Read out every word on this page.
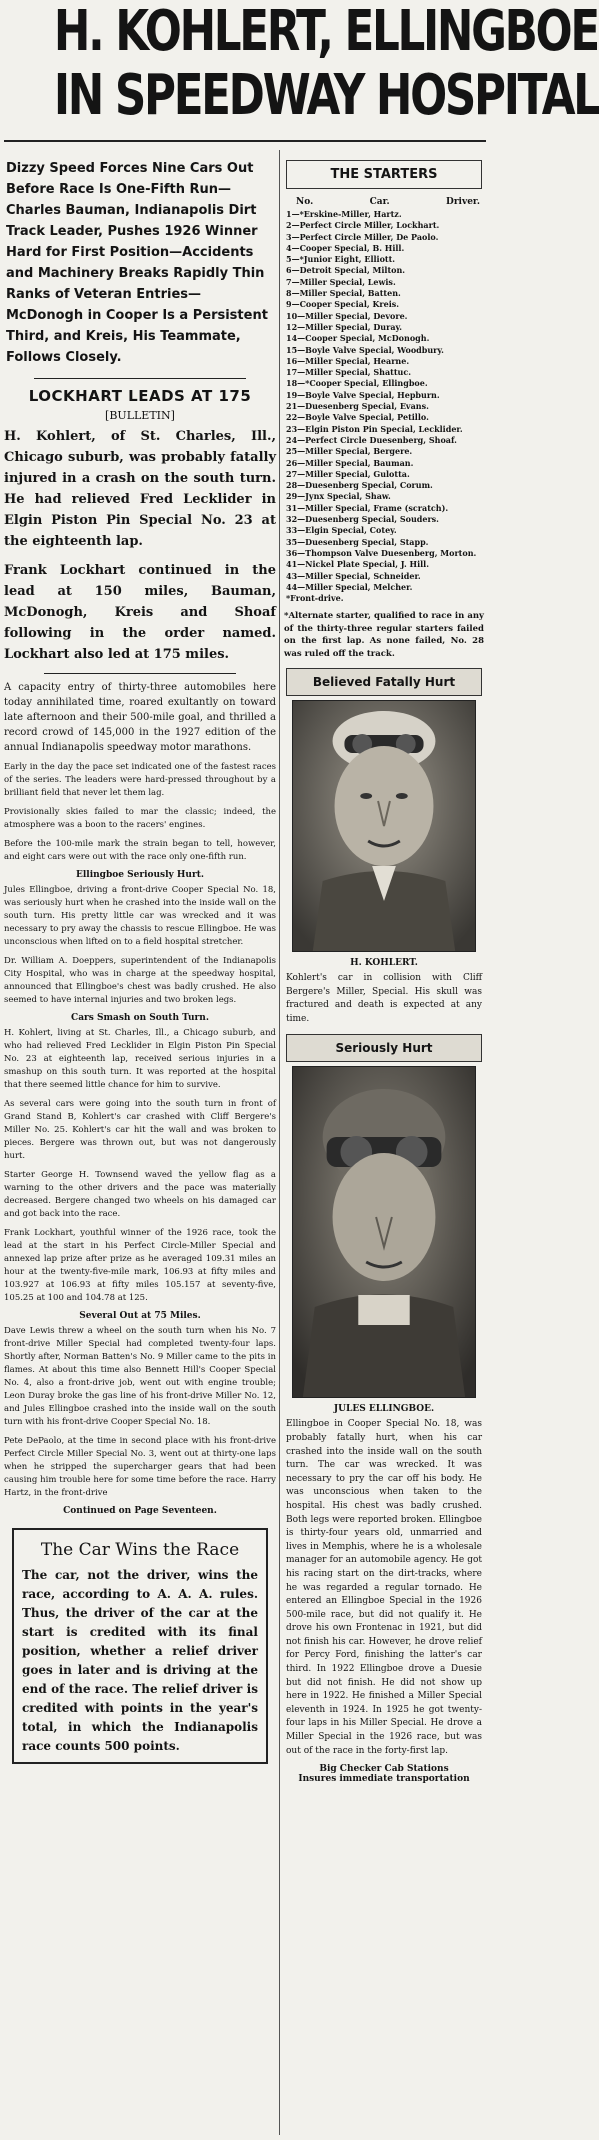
H. KOHLERT, ELLINGBOE
IN SPEEDWAY HOSPITAL
Dizzy Speed Forces Nine Cars Out Before Race Is One-Fifth Run—Charles Bauman, Indianapolis Dirt Track Leader, Pushes 1926 Winner Hard for First Position—Accidents and Machinery Breaks Rapidly Thin Ranks of Veteran Entries—McDonogh in Cooper Is a Persistent Third, and Kreis, His Teammate, Follows Closely.
LOCKHART LEADS AT 175
[BULLETIN]

H. Kohlert, of St. Charles, Ill., Chicago suburb, was probably fatally injured in a crash on the south turn. He had relieved Fred Lecklider in Elgin Piston Pin Special No. 23 at the eighteenth lap.

Frank Lockhart continued in the lead at 150 miles, Bauman, McDonogh, Kreis and Shoaf following in the order named. Lockhart also led at 175 miles.

A capacity entry of thirty-three automobiles here today annihilated time, roared exultantly on toward late afternoon and their 500-mile goal, and thrilled a record crowd of 145,000 in the 1927 edition of the annual Indianapolis speedway motor marathons.

Early in the day the pace set indicated one of the fastest races of the series. The leaders were hard-pressed throughout by a brilliant field that never let them lag.

Provisionally skies failed to mar the classic; indeed, the atmosphere was a boon to the racers' engines.

Before the 100-mile mark the strain began to tell, however, and eight cars were out with the race only one-fifth run.

Ellingboe Seriously Hurt.

Jules Ellingboe, driving a front-drive Cooper Special No. 18, was seriously hurt when he crashed into the inside wall on the south turn. His pretty little car was wrecked and it was necessary to pry away the chassis to rescue Ellingboe. He was unconscious when lifted on to a field hospital stretcher.

Dr. William A. Doeppers, superintendent of the Indianapolis City Hospital, who was in charge at the speedway hospital, announced that Ellingboe's chest was badly crushed. He also seemed to have internal injuries and two broken legs.

Cars Smash on South Turn.

H. Kohlert, living at St. Charles, Ill., a Chicago suburb, and who had relieved Fred Lecklider in Elgin Piston Pin Special No. 23 at eighteenth lap, received serious injuries in a smashup on this south turn. It was reported at the hospital that there seemed little chance for him to survive.

As several cars were going into the south turn in front of Grand Stand B, Kohlert's car crashed with Cliff Bergere's Miller No. 25. Kohlert's car hit the wall and was broken to pieces. Bergere was thrown out, but was not dangerously hurt.

Starter George H. Townsend waved the yellow flag as a warning to the other drivers and the pace was materially decreased. Bergere changed two wheels on his damaged car and got back into the race.

Frank Lockhart, youthful winner of the 1926 race, took the lead at the start in his Perfect Circle-Miller Special and annexed lap prize after prize as he averaged 109.31 miles an hour at the twenty-five-mile mark, 106.93 at fifty miles and 103.927 at 106.93 at fifty miles 105.157 at seventy-five, 105.25 at 100 and 104.78 at 125.

Several Out at 75 Miles.

Dave Lewis threw a wheel on the south turn when his No. 7 front-drive Miller Special had completed twenty-four laps. Shortly after, Norman Batten's No. 9 Miller came to the pits in flames. At about this time also Bennett Hill's Cooper Special No. 4, also a front-drive job, went out with engine trouble; Leon Duray broke the gas line of his front-drive Miller No. 12, and Jules Ellingboe crashed into the inside wall on the south turn with his front-drive Cooper Special No. 18.

Pete DePaolo, at the time in second place with his front-drive Perfect Circle Miller Special No. 3, went out at thirty-one laps when he stripped the supercharger gears that had been causing him trouble here for some time before the race. Harry Hartz, in the front-drive

Continued on Page Seventeen.
The Car Wins the Race

The car, not the driver, wins the race, according to A. A. A. rules. Thus, the driver of the car at the start is credited with its final position, whether a relief driver goes in later and is driving at the end of the race. The relief driver is credited with points in the year's total, in which the Indianapolis race counts 500 points.

THE STARTERS
No.	Car.	Driver.
1—*Erskine-Miller, Hartz.
2—Perfect Circle Miller, Lockhart.
3—Perfect Circle Miller, De Paolo.
4—Cooper Special, B. Hill.
5—*Junior Eight, Elliott.
6—Detroit Special, Milton.
7—Miller Special, Lewis.
8—Miller Special, Batten.
9—Cooper Special, Kreis.
10—Miller Special, Devore.
12—Miller Special, Duray.
14—Cooper Special, McDonogh.
15—Boyle Valve Special, Woodbury.
16—Miller Special, Hearne.
17—Miller Special, Shattuc.
18—*Cooper Special, Ellingboe.
19—Boyle Valve Special, Hepburn.
21—Duesenberg Special, Evans.
22—Boyle Valve Special, Petillo.
23—Elgin Piston Pin Special, Lecklider.
24—Perfect Circle Duesenberg, Shoaf.
25—Miller Special, Bergere.
26—Miller Special, Bauman.
27—Miller Special, Gulotta.
28—Duesenberg Special, Corum.
29—Jynx Special, Shaw.
31—Miller Special, Frame (scratch).
32—Duesenberg Special, Souders.
33—Elgin Special, Cotey.
35—Duesenberg Special, Stapp.
36—Thompson Valve Duesenberg, Morton.
41—Nickel Plate Special, J. Hill.
43—Miller Special, Schneider.
44—Miller Special, Melcher.
*Front-drive.

*Alternate starter, qualified to race in any of the thirty-three regular starters failed on the first lap. As none failed, No. 28 was ruled off the track.

Believed Fatally Hurt
H. KOHLERT.

Kohlert's car in collision with Cliff Bergere's Miller, Special. His skull was fractured and death is expected at any time.

Seriously Hurt
JULES ELLINGBOE.

Ellingboe in Cooper Special No. 18, was probably fatally hurt, when his car crashed into the inside wall on the south turn. The car was wrecked. It was necessary to pry the car off his body. He was unconscious when taken to the hospital. His chest was badly crushed. Both legs were reported broken. Ellingboe is thirty-four years old, unmarried and lives in Memphis, where he is a wholesale manager for an automobile agency. He got his racing start on the dirt-tracks, where he was regarded a regular tornado. He entered an Ellingboe Special in the 1926 500-mile race, but did not qualify it. He drove his own Frontenac in 1921, but did not finish his car. However, he drove relief for Percy Ford, finishing the latter's car third. In 1922 Ellingboe drove a Duesie but did not finish. He did not show up here in 1922. He finished a Miller Special eleventh in 1924. In 1925 he got twenty-four laps in his Miller Special. He drove a Miller Special in the 1926 race, but was out of the race in the forty-first lap.

Big Checker Cab Stations
Insures immediate transportation
